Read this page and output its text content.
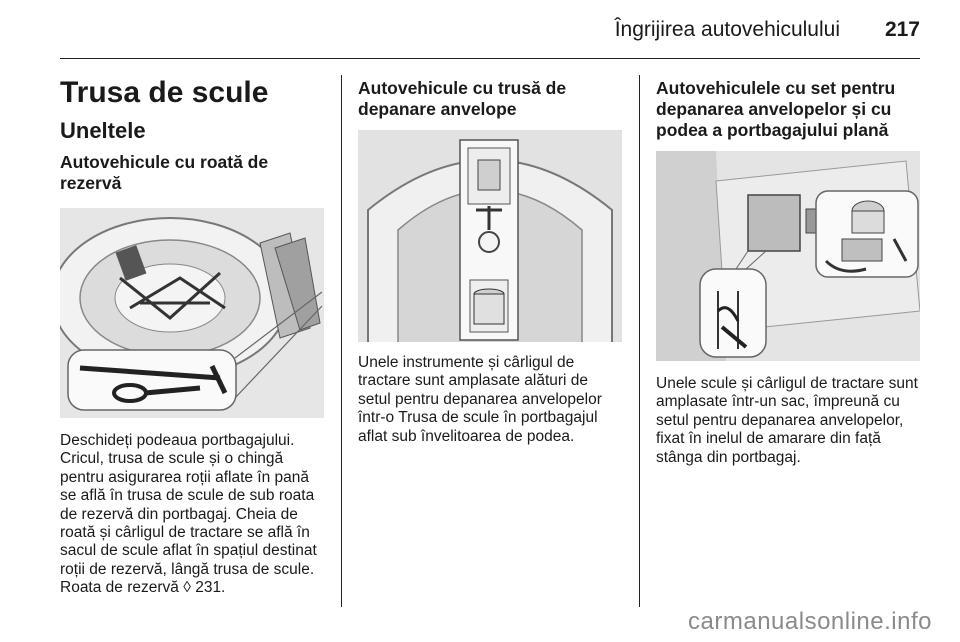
Îngrijirea autovehiculului 217
Trusa de scule
Uneltele
Autovehicule cu roată de rezervă

Deschideți podeaua portbagajului. Cricul, trusa de scule și o chingă pentru asigurarea roții aflate în pană se află în trusa de scule de sub roata de rezervă din portbagaj. Cheia de roată și cârligul de tractare se află în sacul de scule aflat în spațiul destinat roții de rezervă, lângă trusa de scule. Roata de rezervă ◊ 231.

Autovehicule cu trusă de depanare anvelope

Unele instrumente și cârligul de tractare sunt amplasate alături de setul pentru depanarea anvelopelor într-o Trusa de scule în portbagajul aflat sub învelitoarea de podea.

Autovehiculele cu set pentru depanarea anvelopelor și cu podea a portbagajului plană

Unele scule și cârligul de tractare sunt amplasate într-un sac, împreună cu setul pentru depanarea anvelopelor, fixat în inelul de amarare din față stânga din portbagaj.

carmanualsonline.info
